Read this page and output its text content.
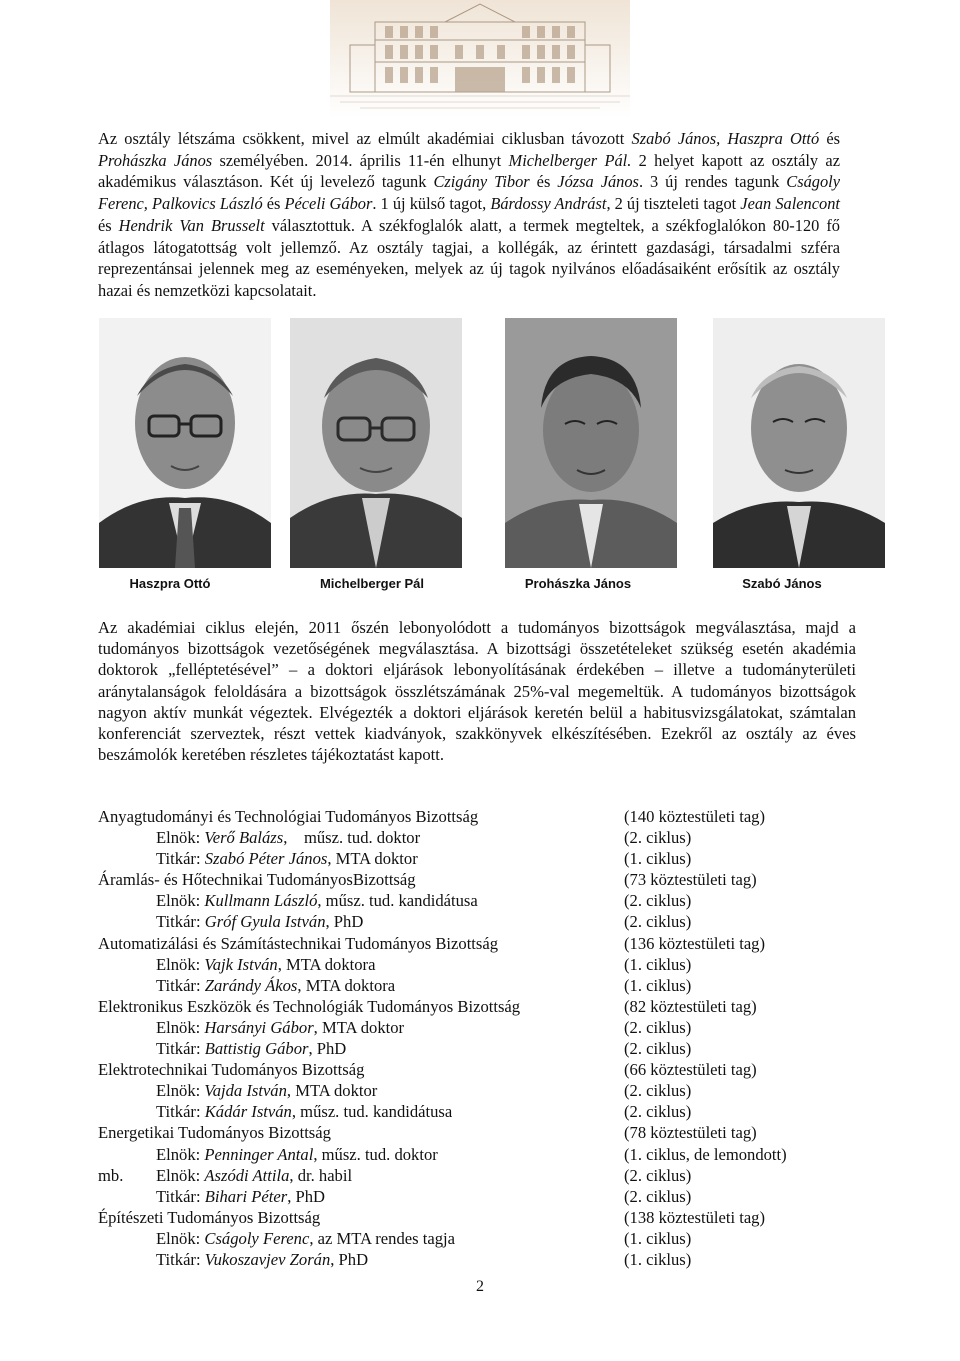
Az osztály létszáma csökkent, mivel az elmúlt akadémiai ciklusban távozott Szabó János, Haszpra Ottó és Prohászka János személyében. 2014. április 11-én elhunyt Michelberger Pál. 2 helyet kapott az osztály az akadémikus választáson. Két új levelező tagunk Czigány Tibor és Józsa János. 3 új rendes tagunk Cságoly Ferenc, Palkovics László és Péceli Gábor. 1 új külső tagot, Bárdossy Andrást, 2 új tiszteleti tagot Jean Salencont és Hendrik Van Brusselt választottuk. A székfoglalók alatt, a termek megteltek, a székfoglalókon 80-120 fő átlagos látogatottság volt jellemző. Az osztály tagjai, a kollégák, az érintett gazdasági, társadalmi szféra reprezentánsai jelennek meg az eseményeken, melyek az új tagok nyilvános előadásaiként erősítik az osztály hazai és nemzetközi kapcsolatait.

Haszpra Ottó	Michelberger Pál	Prohászka János	Szabó János

Az akadémiai ciklus elején, 2011 őszén lebonyolódott a tudományos bizottságok megválasztása, majd a tudományos bizottságok vezetőségének megválasztása. A bizottsági összetételeket szükség esetén akadémia doktorok „felléptetésével” – a doktori eljárások lebonyolításának érdekében – illetve a tudományterületi aránytalanságok feloldására a bizottságok összlétszámának 25%-val megemeltük. A tudományos bizottságok nagyon aktív munkát végeztek. Elvégezték a doktori eljárások keretén belül a habitusvizsgálatokat, számtalan konferenciát szerveztek, részt vettek kiadványok, szakkönyvek elkészítésében. Ezekről az osztály az éves beszámolók keretében részletes tájékoztatást kapott.

Anyagtudományi és Technológiai Tudományos Bizottság	(140 köztestületi tag)
Elnök: Verő Balázs,    műsz. tud. doktor	(2. ciklus)
Titkár: Szabó Péter János, MTA doktor	(1. ciklus)
Áramlás- és Hőtechnikai TudományosBizottság	(73 köztestületi tag)
Elnök: Kullmann László, műsz. tud. kandidátusa	(2. ciklus)
Titkár: Gróf Gyula István, PhD	(2. ciklus)
Automatizálási és Számítástechnikai Tudományos Bizottság	(136 köztestületi tag)
Elnök: Vajk István, MTA doktora	(1. ciklus)
Titkár: Zarándy Ákos, MTA doktora	(1. ciklus)
Elektronikus Eszközök és Technológiák Tudományos Bizottság	(82 köztestületi tag)
Elnök: Harsányi Gábor, MTA doktor	(2. ciklus)
Titkár: Battistig Gábor, PhD	(2. ciklus)
Elektrotechnikai Tudományos Bizottság	(66 köztestületi tag)
Elnök: Vajda István, MTA doktor	(2. ciklus)
Titkár: Kádár István, műsz. tud. kandidátusa	(2. ciklus)
Energetikai Tudományos Bizottság	(78 köztestületi tag)
Elnök: Penninger Antal, műsz. tud. doktor	(1. ciklus, de lemondott)
mb. Elnök: Aszódi Attila, dr. habil	(2. ciklus)
Titkár: Bihari Péter, PhD	(2. ciklus)
Építészeti Tudományos Bizottság	(138 köztestületi tag)
Elnök: Cságoly Ferenc, az MTA rendes tagja	(1. ciklus)
Titkár: Vukoszavjev Zorán, PhD	(1. ciklus)
2
